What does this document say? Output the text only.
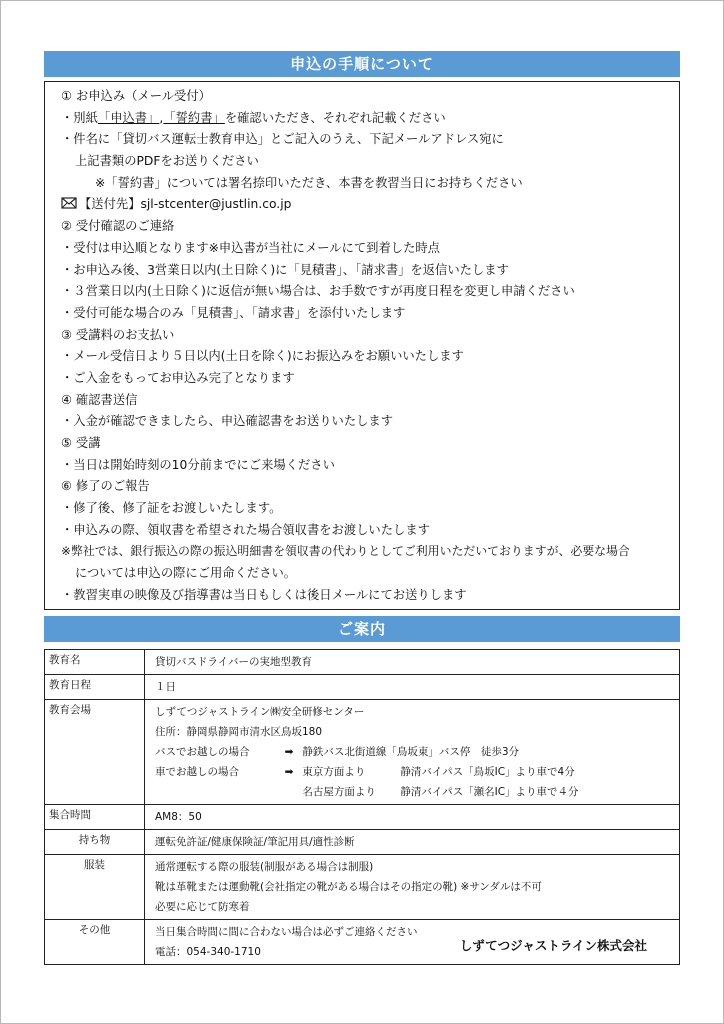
申込の手順について
① お申込み（メール受付）
・別紙「申込書」,「誓約書」を確認いただき、それぞれ記載ください
・件名に「貸切バス運転士教育申込」とご記入のうえ、下記メールアドレス宛に
上記書類のPDFをお送りください
※「誓約書」については署名捺印いただき、本書を教習当日にお持ちください
【送付先】sjl-stcenter@justlin.co.jp
② 受付確認のご連絡
・受付は申込順となります※申込書が当社にメールにて到着した時点
・お申込み後、3営業日以内(土日除く)に「見積書」、「請求書」を返信いたします
・３営業日以内(土日除く)に返信が無い場合は、お手数ですが再度日程を変更し申請ください
・受付可能な場合のみ「見積書」、「請求書」を添付いたします
③ 受講料のお支払い
・メール受信日より５日以内(土日を除く)にお振込みをお願いいたします
・ご入金をもってお申込み完了となります
④ 確認書送信
・入金が確認できましたら、申込確認書をお送りいたします
⑤ 受講
・当日は開始時刻の10分前までにご来場ください
⑥ 修了のご報告
・修了後、修了証をお渡しいたします。
・申込みの際、領収書を希望された場合領収書をお渡しいたします
※弊社では、銀行振込の際の振込明細書を領収書の代わりとしてご利用いただいておりますが、必要な場合
については申込の際にご用命ください。
・教習実車の映像及び指導書は当日もしくは後日メールにてお送りします
ご案内
教育名	貸切バスドライバーの実地型教育

教育日程	１日

教育会場	しずてつジャストライン㈱安全研修センター
住所：静岡県静岡市清水区鳥坂180
バスでお越しの場合 ➡ 静鉄バス北街道線「鳥坂東」バス停　徒歩3分
車でお越しの場合 ➡ 東京方面より 静清バイパス「鳥坂IC」より車で4分
名古屋方面より 静清バイパス「瀬名IC」より車で４分

集合時間	AM8：50

持ち物	運転免許証/健康保険証/筆記用具/適性診断

服装	通常運転する際の服装(制服がある場合は制服)
靴は革靴または運動靴(会社指定の靴がある場合はその指定の靴) ※サンダルは不可
必要に応じて防寒着

その他	当日集合時間に間に合わない場合は必ずご連絡ください
電話：054-340-1710	しずてつジャストライン株式会社
